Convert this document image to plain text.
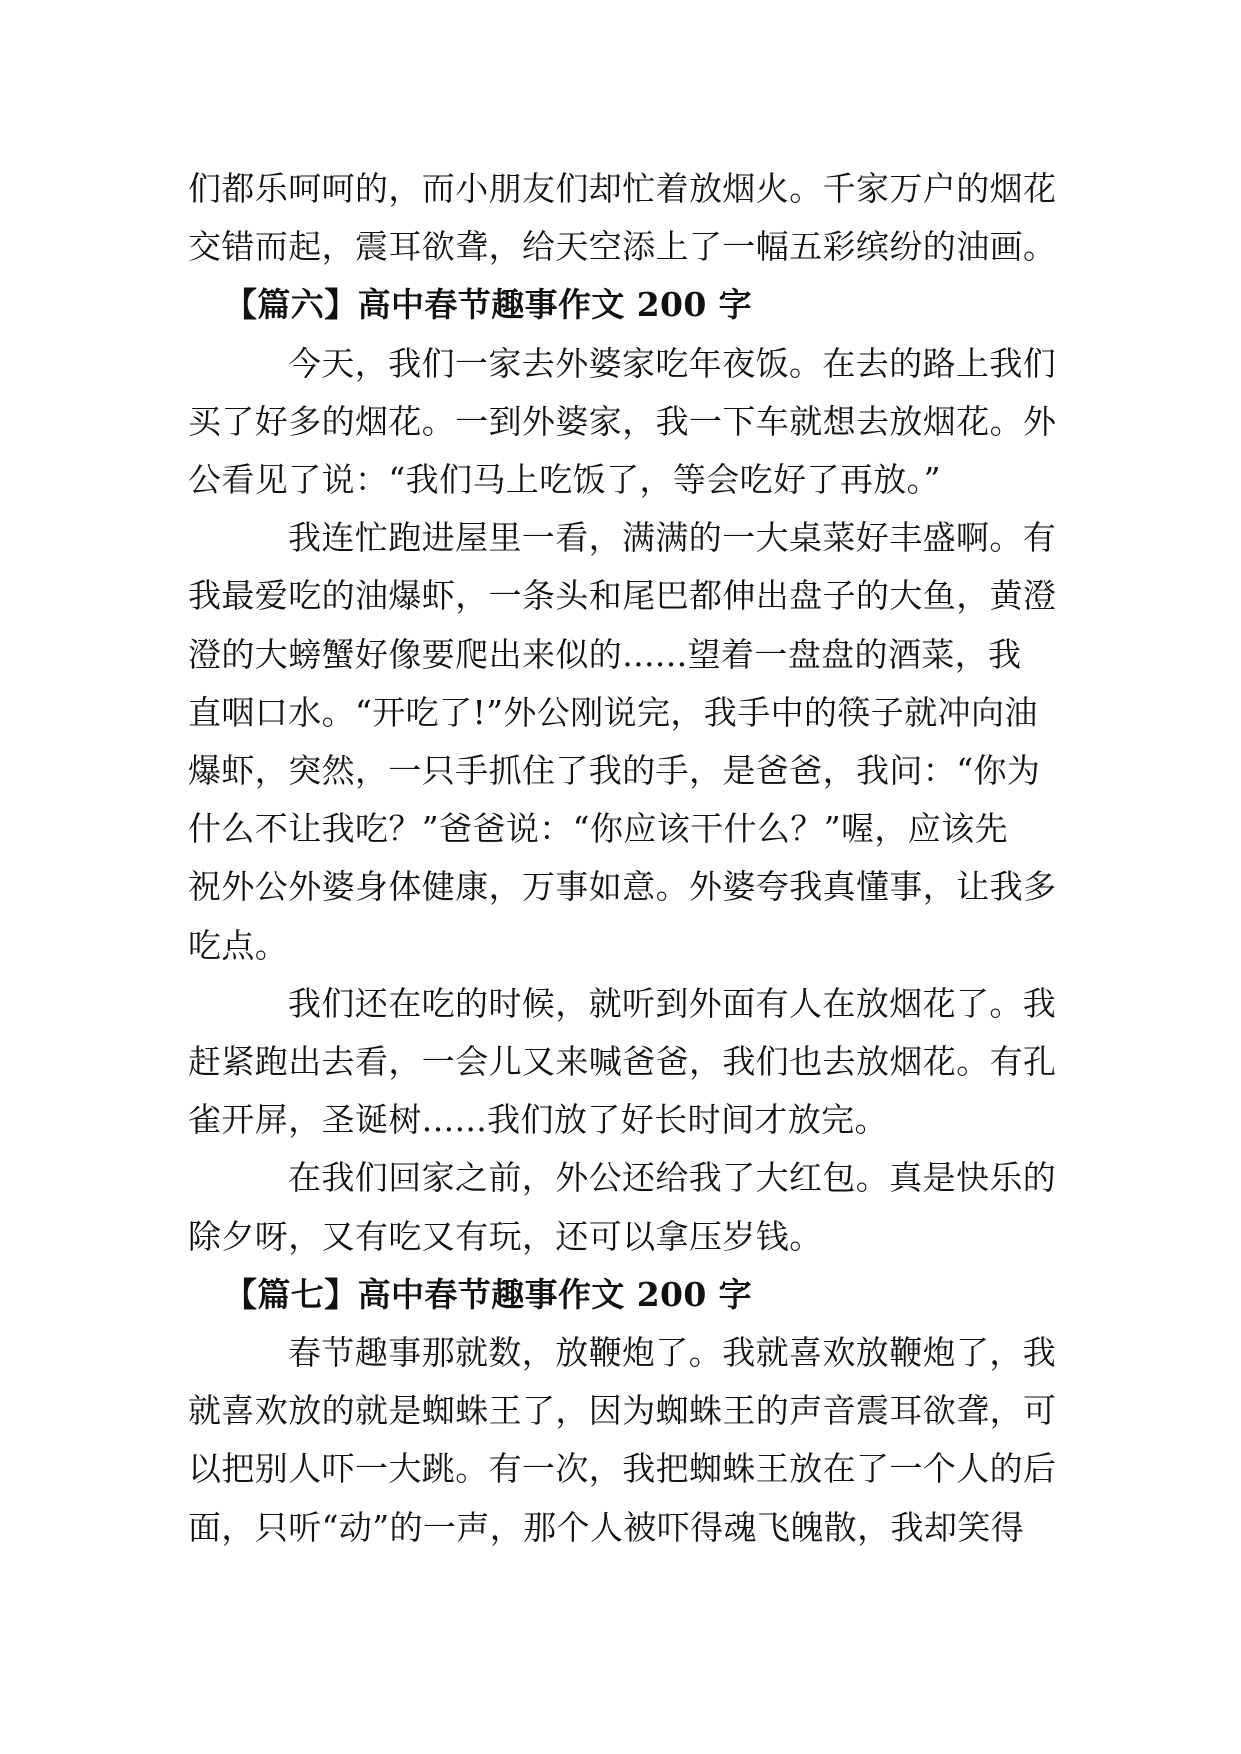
们都乐呵呵的，而小朋友们却忙着放烟火。千家万户的烟花
交错而起，震耳欲聋，给天空添上了一幅五彩缤纷的油画。

【篇六】高中春节趣事作文 200 字

今天，我们一家去外婆家吃年夜饭。在去的路上我们
买了好多的烟花。一到外婆家，我一下车就想去放烟花。外
公看见了说：“我们马上吃饭了，等会吃好了再放。”

我连忙跑进屋里一看，满满的一大桌菜好丰盛啊。有
我最爱吃的油爆虾，一条头和尾巴都伸出盘子的大鱼，黄澄
澄的大螃蟹好像要爬出来似的......望着一盘盘的酒菜，我
直咽口水。“开吃了!”外公刚说完，我手中的筷子就冲向油
爆虾，突然，一只手抓住了我的手，是爸爸，我问：“你为
什么不让我吃？”爸爸说：“你应该干什么？”喔，应该先
祝外公外婆身体健康，万事如意。外婆夸我真懂事，让我多
吃点。

我们还在吃的时候，就听到外面有人在放烟花了。我
赶紧跑出去看，一会儿又来喊爸爸，我们也去放烟花。有孔
雀开屏，圣诞树......我们放了好长时间才放完。

在我们回家之前，外公还给我了大红包。真是快乐的
除夕呀，又有吃又有玩，还可以拿压岁钱。

【篇七】高中春节趣事作文 200 字

春节趣事那就数，放鞭炮了。我就喜欢放鞭炮了，我
就喜欢放的就是蜘蛛王了，因为蜘蛛王的声音震耳欲聋，可
以把别人吓一大跳。有一次，我把蜘蛛王放在了一个人的后
面，只听“动”的一声，那个人被吓得魂飞魄散，我却笑得
